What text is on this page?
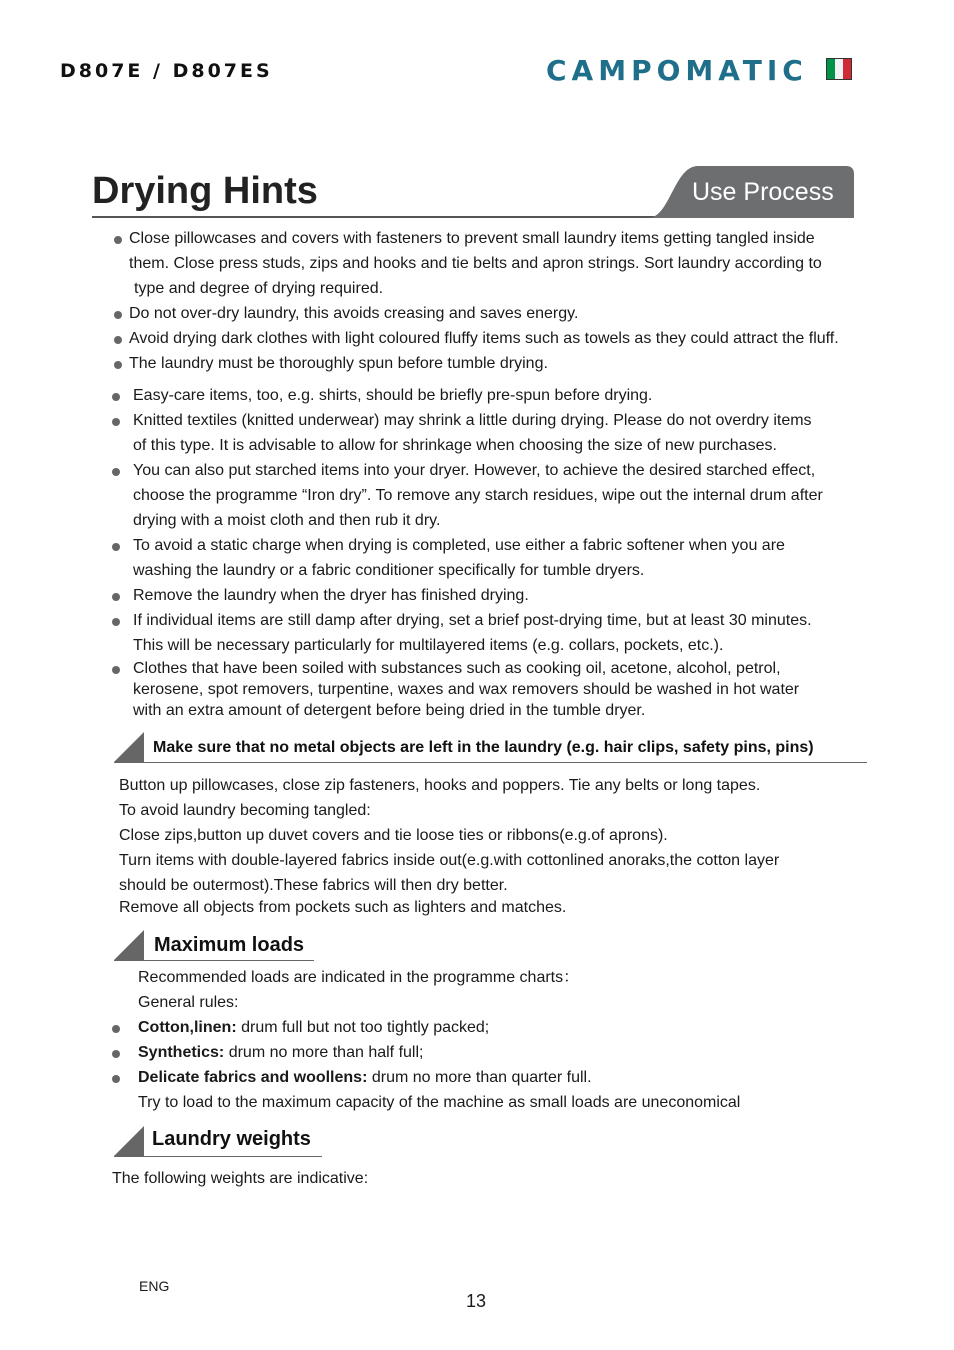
D807E / D807ES	CAMPOMATIC
Drying Hints	Use Process
Close pillowcases and covers with fasteners to prevent small laundry items getting tangled inside
them. Close press studs, zips and hooks and tie belts and apron strings. Sort laundry according to
type and degree of drying required.
Do not over-dry laundry, this avoids creasing and saves energy.
Avoid drying dark clothes with light coloured fluffy items such as towels as they could attract the fluff.
The laundry must be thoroughly spun before tumble drying.
Easy-care items, too, e.g. shirts, should be briefly pre-spun before drying.
Knitted textiles (knitted underwear) may shrink a little during drying. Please do not overdry items
of this type. It is advisable to allow for shrinkage when choosing the size of new purchases.
You can also put starched items into your dryer. However, to achieve the desired starched effect,
choose the programme “Iron dry”. To remove any starch residues, wipe out the internal drum after
drying with a moist cloth and then rub it dry.
To avoid a static charge when drying is completed, use either a fabric softener when you are
washing the laundry or a fabric conditioner specifically for tumble dryers.
Remove the laundry when the dryer has finished drying.
If individual items are still damp after drying, set a brief post-drying time, but at least 30 minutes.
This will be necessary particularly for multilayered items (e.g. collars, pockets, etc.).
Clothes that have been soiled with substances such as cooking oil, acetone, alcohol, petrol,
kerosene, spot removers, turpentine, waxes and wax removers should be washed in hot water
with an extra amount of detergent before being dried in the tumble dryer.
Make sure that no metal objects are left in the laundry (e.g. hair clips, safety pins, pins)
Button up pillowcases, close zip fasteners, hooks and poppers. Tie any belts or long tapes.
To avoid laundry becoming tangled:
Close zips,button up duvet covers and tie loose ties or ribbons(e.g.of aprons).
Turn items with double-layered fabrics inside out(e.g.with cottonlined anoraks,the cotton layer
should be outermost).These fabrics will then dry better.
Remove all objects from pockets such as lighters and matches.
Maximum loads
Recommended loads are indicated in the programme charts：
General rules:
Cotton,linen: drum full but not too tightly packed;
Synthetics: drum no more than half full;
Delicate fabrics and woollens: drum no more than quarter full.
Try to load to the maximum capacity of the machine as small loads are uneconomical
Laundry weights
The following weights are indicative:
ENG
13
